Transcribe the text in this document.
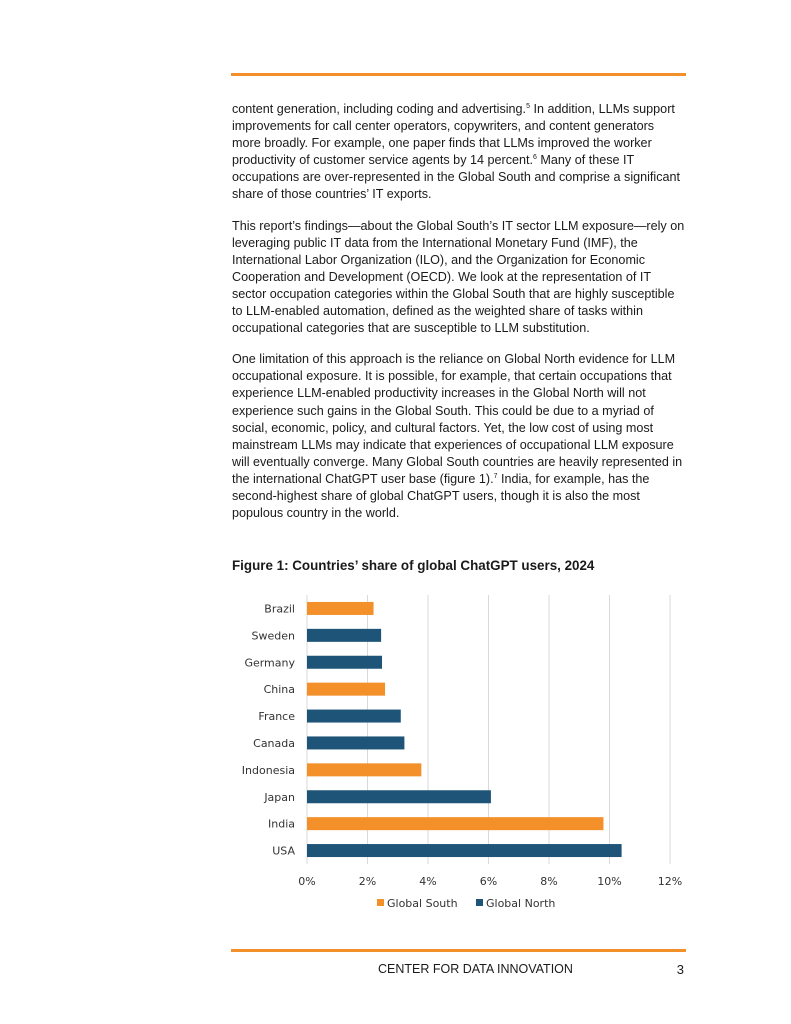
content generation, including coding and advertising.$^5$ In addition, LLMs support improvements for call center operators, copywriters, and content generators more broadly. For example, one paper finds that LLMs improved the worker productivity of customer service agents by 14 percent.$^6$ Many of these IT occupations are over-represented in the Global South and comprise a significant share of those countries’ IT exports.

This report’s findings—about the Global South’s IT sector LLM exposure—rely on leveraging public IT data from the International Monetary Fund (IMF), the International Labor Organization (ILO), and the Organization for Economic Cooperation and Development (OECD). We look at the representation of IT sector occupation categories within the Global South that are highly susceptible to LLM-enabled automation, defined as the weighted share of tasks within occupational categories that are susceptible to LLM substitution.

One limitation of this approach is the reliance on Global North evidence for LLM occupational exposure. It is possible, for example, that certain occupations that experience LLM-enabled productivity increases in the Global North will not experience such gains in the Global South. This could be due to a myriad of social, economic, policy, and cultural factors. Yet, the low cost of using most mainstream LLMs may indicate that experiences of occupational LLM exposure will eventually converge. Many Global South countries are heavily represented in the international ChatGPT user base (figure 1).$^7$ India, for example, has the second-highest share of global ChatGPT users, though it is also the most populous country in the world.

Figure 1: Countries’ share of global ChatGPT users, 2024
Brazil
Sweden
Germany
China
France
Canada
Indonesia
Japan
India
USA
0%	2%	4%	6%	8%	10%	12%
Global South	Global North
CENTER FOR DATA INNOVATION	3
